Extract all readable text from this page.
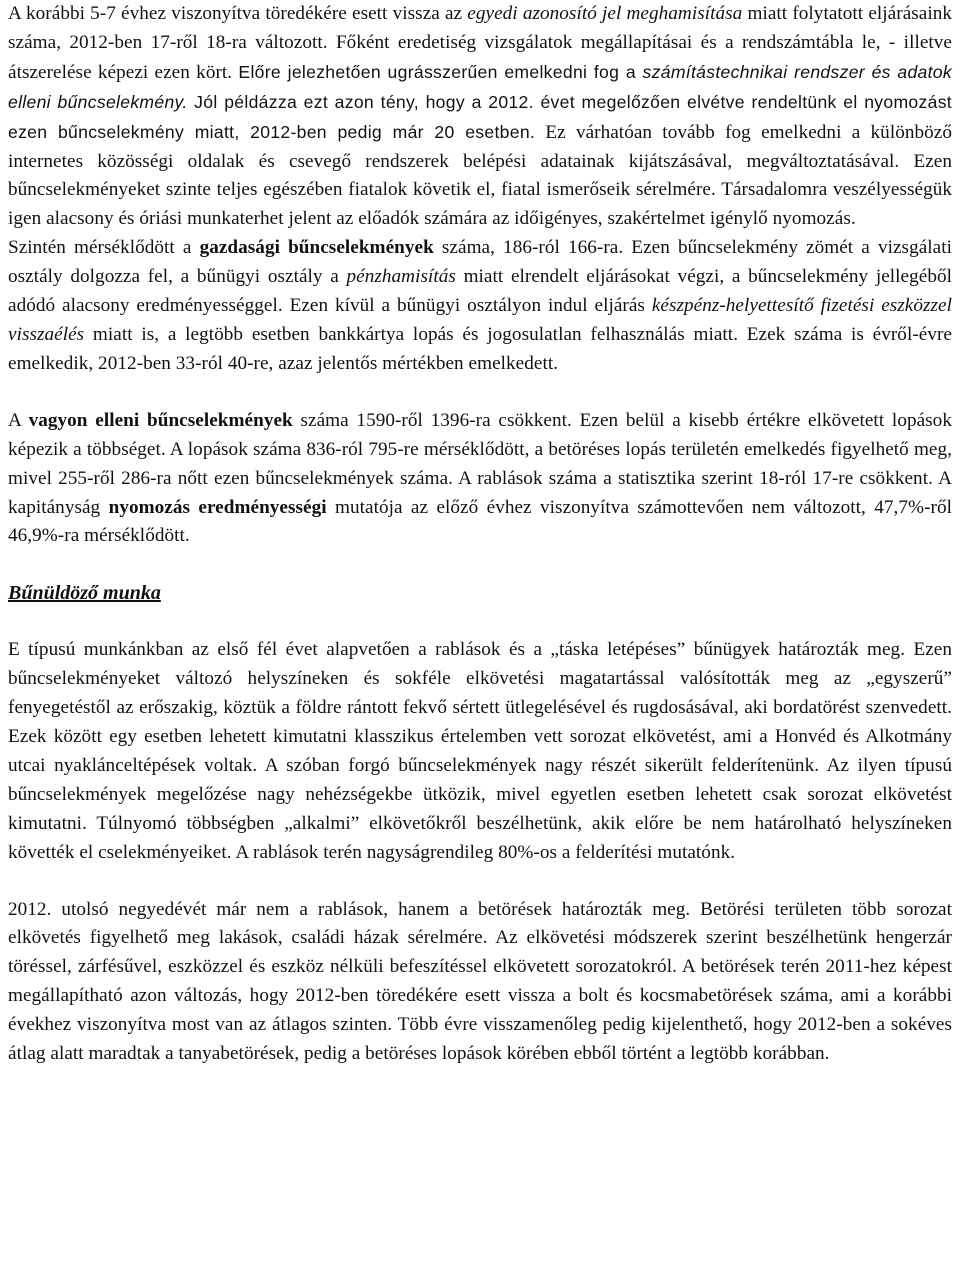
A korábbi 5-7 évhez viszonyítva töredékére esett vissza az egyedi azonosító jel meghamisítása miatt folytatott eljárásaink száma, 2012-ben 17-ről 18-ra változott. Főként eredetiség vizsgálatok megállapításai és a rendszámtábla le, - illetve átszerelése képezi ezen kört. Előre jelezhetően ugrásszerűen emelkedni fog a számítástechnikai rendszer és adatok elleni bűncselekmény. Jól példázza ezt azon tény, hogy a 2012. évet megelőzően elvétve rendeltünk el nyomozást ezen bűncselekmény miatt, 2012-ben pedig már 20 esetben. Ez várhatóan tovább fog emelkedni a különböző internetes közösségi oldalak és csevegő rendszerek belépési adatainak kijátszásával, megváltoztatásával. Ezen bűncselekményeket szinte teljes egészében fiatalok követik el, fiatal ismerőseik sérelmére. Társadalomra veszélyességük igen alacsony és óriási munkaterhet jelent az előadók számára az időigényes, szakértelmet igénylő nyomozás.

Szintén mérséklődött a gazdasági bűncselekmények száma, 186-ról 166-ra. Ezen bűncselekmény zömét a vizsgálati osztály dolgozza fel, a bűnügyi osztály a pénzhamisítás miatt elrendelt eljárásokat végzi, a bűncselekmény jellegéből adódó alacsony eredményességgel. Ezen kívül a bűnügyi osztályon indul eljárás készpénz-helyettesítő fizetési eszközzel visszaélés miatt is, a legtöbb esetben bankkártya lopás és jogosulatlan felhasználás miatt. Ezek száma is évről-évre emelkedik, 2012-ben 33-ról 40-re, azaz jelentős mértékben emelkedett.

A vagyon elleni bűncselekmények száma 1590-ről 1396-ra csökkent. Ezen belül a kisebb értékre elkövetett lopások képezik a többséget. A lopások száma 836-ról 795-re mérséklődött, a betöréses lopás területén emelkedés figyelhető meg, mivel 255-ről 286-ra nőtt ezen bűncselekmények száma. A rablások száma a statisztika szerint 18-ról 17-re csökkent. A kapitányság nyomozás eredményességi mutatója az előző évhez viszonyítva számottevően nem változott, 47,7%-ről 46,9%-ra mérséklődött.

Bűnüldöző munka

E típusú munkánkban az első fél évet alapvetően a rablások és a „táska letépéses” bűnügyek határozták meg. Ezen bűncselekményeket változó helyszíneken és sokféle elkövetési magatartással valósították meg az „egyszerű” fenyegetéstől az erőszakig, köztük a földre rántott fekvő sértett ütlegelésével és rugdosásával, aki bordatörést szenvedett. Ezek között egy esetben lehetett kimutatni klasszikus értelemben vett sorozat elkövetést, ami a Honvéd és Alkotmány utcai nyaklánceltépések voltak. A szóban forgó bűncselekmények nagy részét sikerült felderítenünk. Az ilyen típusú bűncselekmények megelőzése nagy nehézségekbe ütközik, mivel egyetlen esetben lehetett csak sorozat elkövetést kimutatni. Túlnyomó többségben „alkalmi” elkövetőkről beszélhetünk, akik előre be nem határolható helyszíneken követték el cselekményeiket. A rablások terén nagyságrendileg 80%-os a felderítési mutatónk.

2012. utolsó negyedévét már nem a rablások, hanem a betörések határozták meg. Betörési területen több sorozat elkövetés figyelhető meg lakások, családi házak sérelmére. Az elkövetési módszerek szerint beszélhetünk hengerzár töréssel, zárfésűvel, eszközzel és eszköz nélküli befeszítéssel elkövetett sorozatokról. A betörések terén 2011-hez képest megállapítható azon változás, hogy 2012-ben töredékére esett vissza a bolt és kocsmabetörések száma, ami a korábbi évekhez viszonyítva most van az átlagos szinten. Több évre visszamenőleg pedig kijelenthető, hogy 2012-ben a sokéves átlag alatt maradtak a tanyabetörések, pedig a betöréses lopások körében ebből történt a legtöbb korábban.
